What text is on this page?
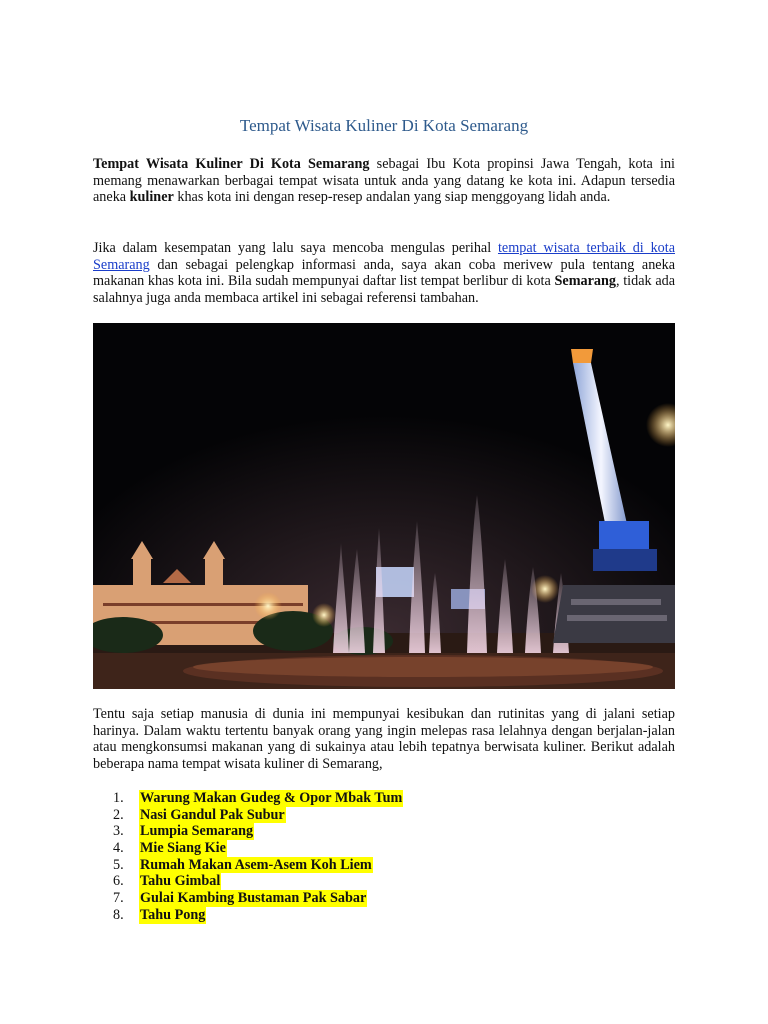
Tempat Wisata Kuliner Di Kota Semarang

Tempat Wisata Kuliner Di Kota Semarang sebagai Ibu Kota propinsi Jawa Tengah, kota ini memang menawarkan berbagai tempat wisata untuk anda yang datang ke kota ini. Adapun tersedia aneka kuliner khas kota ini dengan resep-resep andalan yang siap menggoyang lidah anda.

Jika dalam kesempatan yang lalu saya mencoba mengulas perihal tempat wisata terbaik di kota Semarang dan sebagai pelengkap informasi anda, saya akan coba merivew pula tentang aneka makanan khas kota ini. Bila sudah mempunyai daftar list tempat berlibur di kota Semarang, tidak ada salahnya juga anda membaca artikel ini sebagai referensi tambahan.

Tentu saja setiap manusia di dunia ini mempunyai kesibukan dan rutinitas yang di jalani setiap harinya. Dalam waktu tertentu banyak orang yang ingin melepas rasa lelahnya dengan berjalan-jalan atau mengkonsumsi makanan yang di sukainya atau lebih tepatnya berwisata kuliner. Berikut adalah beberapa nama tempat wisata kuliner di Semarang,

1.	Warung Makan Gudeg & Opor Mbak Tum
2.	Nasi Gandul Pak Subur
3.	Lumpia Semarang
4.	Mie Siang Kie
5.	Rumah Makan Asem-Asem Koh Liem
6.	Tahu Gimbal
7.	Gulai Kambing Bustaman Pak Sabar
8.	Tahu Pong
